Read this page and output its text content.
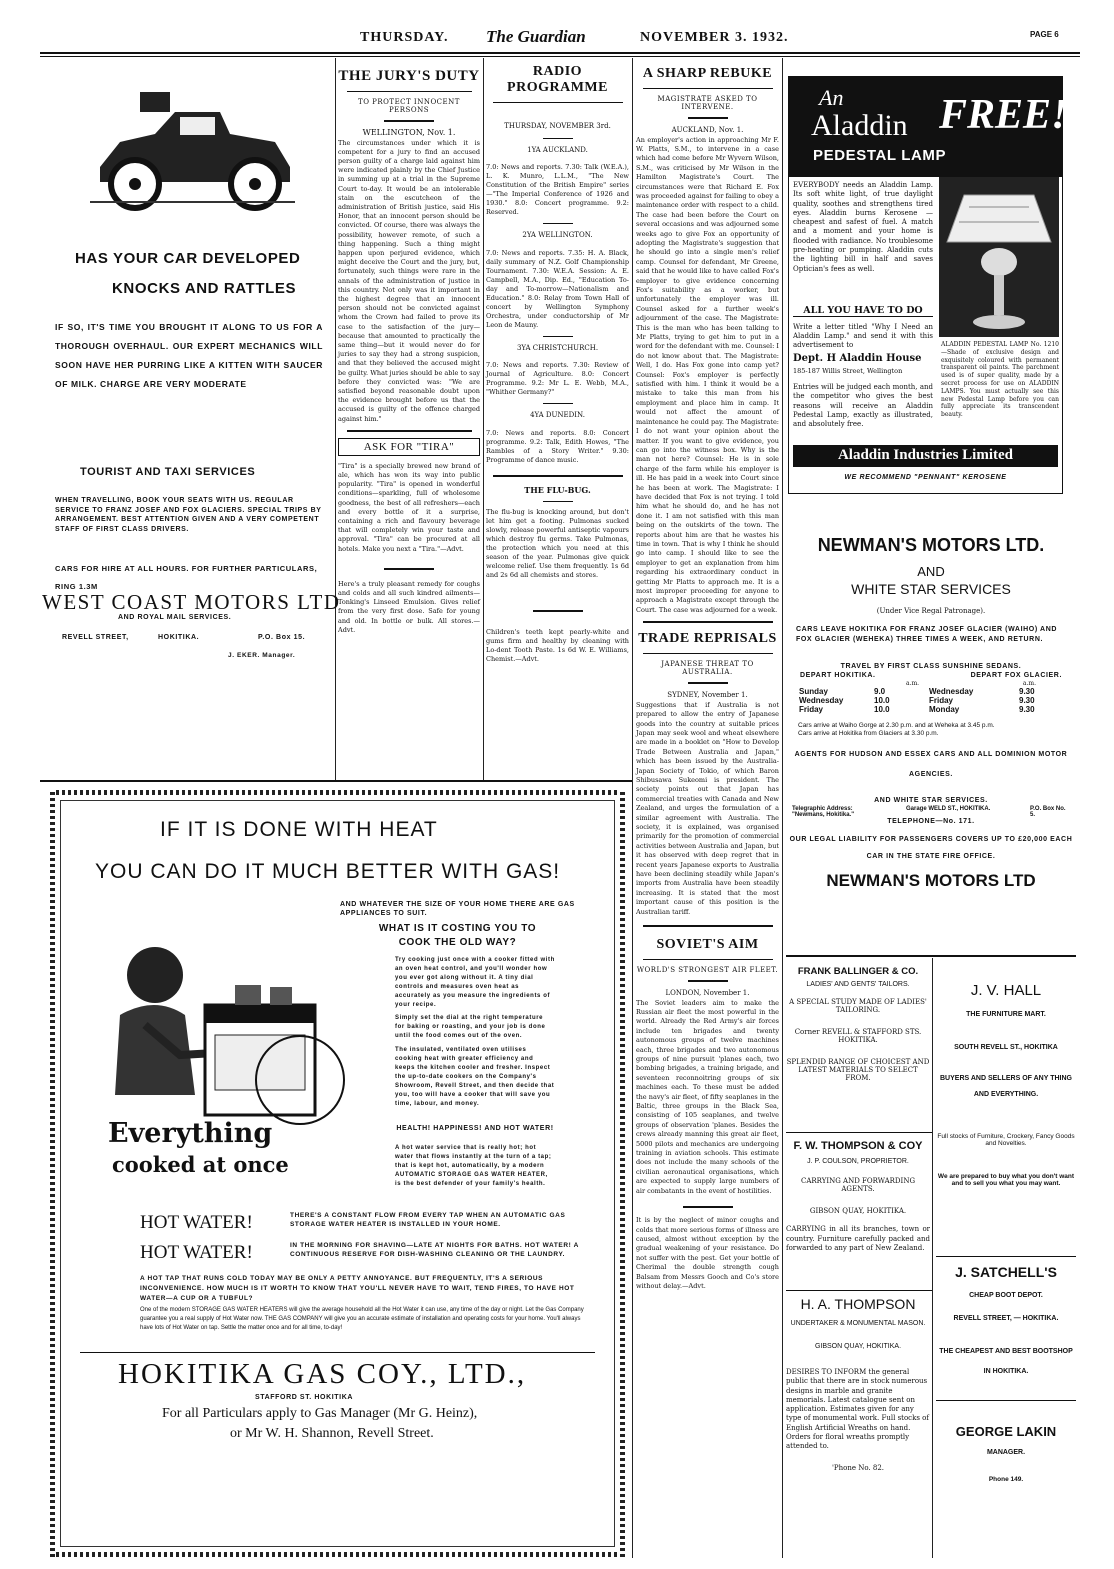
THURSDAY. The Guardian	NOVEMBER 3. 1932.	PAGE 6
HAS YOUR CAR DEVELOPED
KNOCKS AND RATTLES
IF SO, IT'S TIME YOU BROUGHT IT ALONG TO US FOR A THOROUGH OVERHAUL. OUR EXPERT MECHANICS WILL SOON HAVE HER PURRING LIKE A KITTEN WITH SAUCER OF MILK. CHARGE ARE VERY MODERATE
TOURIST AND TAXI SERVICES
WHEN TRAVELLING, BOOK YOUR SEATS WITH US. REGULAR SERVICE TO FRANZ JOSEF AND FOX GLACIERS. SPECIAL TRIPS BY ARRANGEMENT. BEST ATTENTION GIVEN AND A VERY COMPETENT STAFF OF FIRST CLASS DRIVERS.
CARS FOR HIRE AT ALL HOURS. FOR FURTHER PARTICULARS, RING 1.3M
WEST COAST MOTORS LTD
AND ROYAL MAIL SERVICES.
REVELL STREET,	HOKITIKA.	P.O. Box 15.
J. EKER. Manager.
THE JURY'S DUTY
TO PROTECT INNOCENT PERSONS
WELLINGTON, Nov. 1.
The circumstances under which it is competent for a jury to find an accused person guilty of a charge laid against him were indicated plainly by the Chief Justice in summing up at a trial in the Supreme Court to-day. It would be an intolerable stain on the escutcheon of the administration of British justice, said His Honor, that an innocent person should be convicted. Of course, there was always the possibility, however remote, of such a thing happening. Such a thing might happen upon perjured evidence, which might deceive the Court and the jury, but, fortunately, such things were rare in the annals of the administration of justice in this country. Not only was it important in the highest degree that an innocent person should not be convicted against whom the Crown had failed to prove its case to the satisfaction of the jury—because that amounted to practically the same thing—but it would never do for juries to say they had a strong suspicion, and that they believed the accused might be guilty. What juries should be able to say before they convicted was: "We are satisfied beyond reasonable doubt upon the evidence brought before us that the accused is guilty of the offence charged against him."
ASK FOR "TIRA"
"Tira" is a specially brewed new brand of ale, which has won its way into public popularity. "Tira" is opened in wonderful conditions—sparkling, full of wholesome goodness, the best of all refreshers—each and every bottle of it a surprise, containing a rich and flavoury beverage that will completely win your taste and approval. "Tira" can be procured at all hotels. Make you next a "Tira."—Advt.
Here's a truly pleasant remedy for coughs and colds and all such kindred ailments—Tonking's Linseed Emulsion. Gives relief from the very first dose. Safe for young and old. In bottle or bulk. All stores.—Advt.
RADIO PROGRAMME
THURSDAY, NOVEMBER 3rd.
1YA AUCKLAND.
7.0: News and reports. 7.30: Talk (W.E.A.), L. K. Munro, L.L.M., "The New Constitution of the British Empire" series—"The Imperial Conference of 1926 and 1930." 8.0: Concert programme. 9.2: Reserved.
2YA WELLINGTON.
7.0: News and reports. 7.35: H. A. Black, daily summary of N.Z. Golf Championship Tournament. 7.30: W.E.A. Session: A. E. Campbell, M.A., Dip. Ed., "Education To-day and To-morrow—Nationalism and Education." 8.0: Relay from Town Hall of concert by Wellington Symphony Orchestra, under conductorship of Mr Leon de Mauny.
3YA CHRISTCHURCH.
7.0: News and reports. 7.30: Review of Journal of Agriculture. 8.0: Concert Programme. 9.2: Mr L. E. Webb, M.A., "Whither Germany?"
4YA DUNEDIN.
7.0: News and reports. 8.0: Concert programme. 9.2: Talk, Edith Howes, "The Rambles of a Story Writer." 9.30: Programme of dance music.
THE FLU-BUG.
The flu-bug is knocking around, but don't let him get a footing. Pulmonas sucked slowly, release powerful antiseptic vapours which destroy flu germs. Take Pulmonas, the protection which you need at this season of the year. Pulmonas give quick welcome relief. Use them frequently. 1s 6d and 2s 6d all chemists and stores.
Children's teeth kept pearly-white and gums firm and healthy by cleaning with Lo-dent Tooth Paste. 1s 6d W. E. Williams, Chemist.—Advt.
A SHARP REBUKE
MAGISTRATE ASKED TO INTERVENE.
AUCKLAND, Nov. 1.
An employer's action in approaching Mr F. W. Platts, S.M., to intervene in a case which had come before Mr Wyvern Wilson, S.M., was criticised by Mr Wilson in the Hamilton Magistrate's Court. The circumstances were that Richard E. Fox was proceeded against for failing to obey a maintenance order with respect to a child. The case had been before the Court on several occasions and was adjourned some weeks ago to give Fox an opportunity of adopting the Magistrate's suggestion that he should go into a single men's relief camp. Counsel for defendant, Mr Greene, said that he would like to have called Fox's employer to give evidence concerning Fox's suitability as a worker, but unfortunately the employer was ill. Counsel asked for a further week's adjournment of the case. The Magistrate: This is the man who has been talking to Mr Platts, trying to get him to put in a word for the defendant with me. Counsel: I do not know about that. The Magistrate: Well, I do. Has Fox gone into camp yet? Counsel: Fox's employer is perfectly satisfied with him. I think it would be a mistake to take this man from his employment and place him in camp. It would not affect the amount of maintenance he could pay. The Magistrate: I do not want your opinion about the matter. If you want to give evidence, you can go into the witness box. Why is the man not here? Counsel: He is in sole charge of the farm while his employer is ill. He has paid in a week into Court since he has been at work. The Magistrate: I have decided that Fox is not trying. I told him what he should do, and he has not done it. I am not satisfied with this man being on the outskirts of the town. The reports about him are that he wastes his time in town. That is why I think he should go into camp. I should like to see the employer to get an explanation from him regarding his extraordinary conduct in getting Mr Platts to approach me. It is a most improper proceeding for anyone to approach a Magistrate except through the Court. The case was adjourned for a week.
TRADE REPRISALS
JAPANESE THREAT TO AUSTRALIA.
SYDNEY, November 1.
Suggestions that if Australia is not prepared to allow the entry of Japanese goods into the country at suitable prices Japan may seek wool and wheat elsewhere are made in a booklet on "How to Develop Trade Between Australia and Japan," which has been issued by the Australia-Japan Society of Tokio, of which Baron Shibusawa Sukeomi is president. The society points out that Japan has commercial treaties with Canada and New Zealand, and urges the formulation of a similar agreement with Australia. The society, it is explained, was organised primarily for the promotion of commercial activities between Australia and Japan, but it has observed with deep regret that in recent years Japanese exports to Australia have been declining steadily while Japan's imports from Australia have been steadily increasing. It is stated that the most important cause of this position is the Australian tariff.
SOVIET'S AIM
WORLD'S STRONGEST AIR FLEET.
LONDON, November 1.
The Soviet leaders aim to make the Russian air fleet the most powerful in the world. Already the Red Army's air forces include ten brigades and twenty autonomous groups of twelve machines each, three brigades and two autonomous groups of nine pursuit 'planes each, two bombing brigades, a training brigade, and seventeen reconnoitring groups of six machines each. To these must be added the navy's air fleet, of fifty seaplanes in the Baltic, three groups in the Black Sea, consisting of 105 seaplanes, and twelve groups of observation 'planes. Besides the crews already manning this great air fleet, 5000 pilots and mechanics are undergoing training in aviation schools. This estimate does not include the many schools of the civilian aeronautical organisations, which are expected to supply large numbers of air combatants in the event of hostilities.
It is by the neglect of minor coughs and colds that more serious forms of illness are caused, almost without exception by the gradual weakening of your resistance. Do not suffer with the pest. Get your bottle of Cherimal the double strength cough Balsam from Messrs Gooch and Co's store without delay.—Advt.
An
Aladdin FREE!
PEDESTAL LAMP
EVERYBODY needs an Aladdin Lamp. Its soft white light, of true daylight quality, soothes and strengthens tired eyes. Aladdin burns Kerosene — cheapest and safest of fuel. A match and a moment and your home is flooded with radiance. No troublesome pre-heating or pumping. Aladdin cuts the lighting bill in half and saves Optician's fees as well.
ALL YOU HAVE TO DO
Write a letter titled "Why I Need an Aladdin Lamp." and send it with this advertisement to
Dept. H Aladdin House
185-187 Willis Street, Wellington
Entries will be judged each month, and the competitor who gives the best reasons will receive an Aladdin Pedestal Lamp, exactly as illustrated, and absolutely free.
ALADDIN PEDESTAL LAMP No. 1210 —Shade of exclusive design and exquisitely coloured with permanent transparent oil paints. The parchment used is of super quality, made by a secret process for use on ALADDIN LAMPS. You must actually see this new Pedestal Lamp before you can fully appreciate its transcendent beauty.
Aladdin Industries Limited
WE RECOMMEND "PENNANT" KEROSENE
NEWMAN'S MOTORS LTD.
AND
WHITE STAR SERVICES
(Under Vice Regal Patronage).
CARS LEAVE HOKITIKA FOR FRANZ JOSEF GLACIER (WAIHO) AND FOX GLACIER (WEHEKA) THREE TIMES A WEEK, AND RETURN.
TRAVEL BY FIRST CLASS SUNSHINE SEDANS.
DEPART HOKITIKA.	DEPART FOX GLACIER.
a.m.	a.m.
Sunday	9.0	Wednesday	9.30
Wednesday	10.0	Friday	9.30
Friday	10.0	Monday	9.30
Cars arrive at Waiho Gorge at 2.30 p.m. and at Weheka at 3.45 p.m.
Cars arrive at Hokitika from Glaciers at 3.30 p.m.
AGENTS FOR HUDSON AND ESSEX CARS AND ALL DOMINION MOTOR AGENCIES.
AND WHITE STAR SERVICES.
Telegraphic Address: "Newmans, Hokitika."
Garage WELD ST., HOKITIKA.	P.O. Box No. 5.
TELEPHONE—No. 171.
OUR LEGAL LIABILITY FOR PASSENGERS COVERS UP TO £20,000 EACH CAR IN THE STATE FIRE OFFICE.
NEWMAN'S MOTORS LTD
FRANK BALLINGER & CO.
LADIES' AND GENTS' TAILORS.
A SPECIAL STUDY MADE OF LADIES' TAILORING.
Corner REVELL & STAFFORD STS. HOKITIKA.
SPLENDID RANGE OF CHOICEST AND LATEST MATERIALS TO SELECT FROM.
J. V. HALL
THE FURNITURE MART.
SOUTH REVELL ST., HOKITIKA
BUYERS AND SELLERS OF ANY THING AND EVERYTHING.
Full stocks of Furniture, Crockery, Fancy Goods and Novelties.
We are prepared to buy what you don't want and to sell you what you may want.
F. W. THOMPSON & COY
J. P. COULSON, PROPRIETOR.
CARRYING AND FORWARDING AGENTS.
GIBSON QUAY, HOKITIKA.
CARRYING in all its branches, town or country. Furniture carefully packed and forwarded to any part of New Zealand.
J. SATCHELL'S
CHEAP BOOT DEPOT.
REVELL STREET, — HOKITIKA.
THE CHEAPEST AND BEST BOOTSHOP IN HOKITIKA.
H. A. THOMPSON
UNDERTAKER & MONUMENTAL MASON.
GIBSON QUAY, HOKITIKA.
DESIRES TO INFORM the general public that there are in stock numerous designs in marble and granite memorials. Latest catalogue sent on application. Estimates given for any type of monumental work. Full stocks of English Artificial Wreaths on hand. Orders for floral wreaths promptly attended to.
'Phone No. 82.
GEORGE LAKIN
MANAGER.
Phone 149.
IF IT IS DONE WITH HEAT
YOU CAN DO IT MUCH BETTER WITH GAS!
Everything
cooked at once
AND WHATEVER THE SIZE OF YOUR HOME THERE ARE GAS APPLIANCES TO SUIT.
WHAT IS IT COSTING YOU TO COOK THE OLD WAY?
Try cooking just once with a cooker fitted with an oven heat control, and you'll wonder how you ever got along without it. A tiny dial controls and measures oven heat as accurately as you measure the ingredients of your recipe.
Simply set the dial at the right temperature for baking or roasting, and your job is done until the food comes out of the oven.
The insulated, ventilated oven utilises cooking heat with greater efficiency and keeps the kitchen cooler and fresher. Inspect the up-to-date cookers on the Company's Showroom, Revell Street, and then decide that you, too will have a cooker that will save you time, labour, and money.
HEALTH! HAPPINESS! AND HOT WATER!
A hot water service that is really hot; hot water that flows instantly at the turn of a tap; that is kept hot, automatically, by a modern AUTOMATIC STORAGE GAS WATER HEATER, is the best defender of your family's health.
HOT WATER!	THERE'S A CONSTANT FLOW FROM EVERY TAP WHEN AN AUTOMATIC GAS STORAGE WATER HEATER IS INSTALLED IN YOUR HOME.
HOT WATER!	IN THE MORNING FOR SHAVING—LATE AT NIGHTS FOR BATHS. HOT WATER! A CONTINUOUS RESERVE FOR DISH-WASHING CLEANING OR THE LAUNDRY.
A HOT TAP THAT RUNS COLD TODAY MAY BE ONLY A PETTY ANNOYANCE. BUT FREQUENTLY, IT'S A SERIOUS INCONVENIENCE. HOW MUCH IS IT WORTH TO KNOW THAT YOU'LL NEVER HAVE TO WAIT, TEND FIRES, TO HAVE HOT WATER—A CUP OR A TUBFUL?
One of the modern STORAGE GAS WATER HEATERS will give the average household all the Hot Water it can use, any time of the day or night. Let the Gas Company guarantee you a real supply of Hot Water now. THE GAS COMPANY will give you an accurate estimate of installation and operating costs for your home. You'll always have lots of Hot Water on tap. Settle the matter once and for all time, to-day!
HOKITIKA GAS COY., LTD.,
STAFFORD ST. HOKITIKA
For all Particulars apply to Gas Manager (Mr G. Heinz),
or Mr W. H. Shannon, Revell Street.
